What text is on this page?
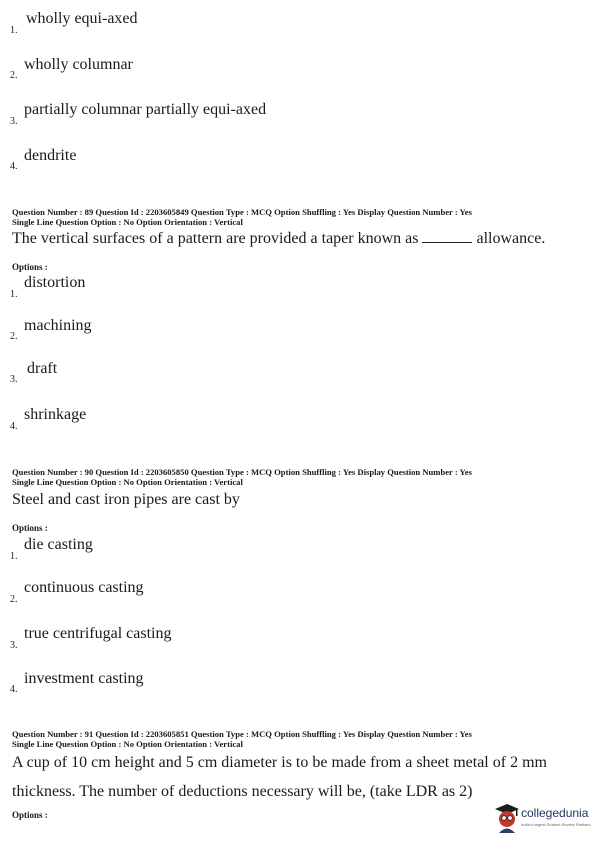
1.
wholly equi-axed
2.
wholly columnar
3.
partially columnar partially equi-axed
4.
dendrite
Question Number : 89 Question Id : 2203605849 Question Type : MCQ Option Shuffling : Yes Display Question Number : Yes
Single Line Question Option : No Option Orientation : Vertical
The vertical surfaces of a pattern are provided a taper known as	allowance.
Options :
1.
distortion
2.
machining
3.
draft
4.
shrinkage
Question Number : 90 Question Id : 2203605850 Question Type : MCQ Option Shuffling : Yes Display Question Number : Yes
Single Line Question Option : No Option Orientation : Vertical
Steel and cast iron pipes are cast by
Options :
1.
die casting
2.
continuous casting
3.
true centrifugal casting
4.
investment casting
Question Number : 91 Question Id : 2203605851 Question Type : MCQ Option Shuffling : Yes Display Question Number : Yes
Single Line Question Option : No Option Orientation : Vertical
A cup of 10 cm height and 5 cm diameter is to be made from a sheet metal of 2 mm
thickness. The number of deductions necessary will be, (take LDR as 2)
Options :	collegedunia
India's largest Student Review Platform
